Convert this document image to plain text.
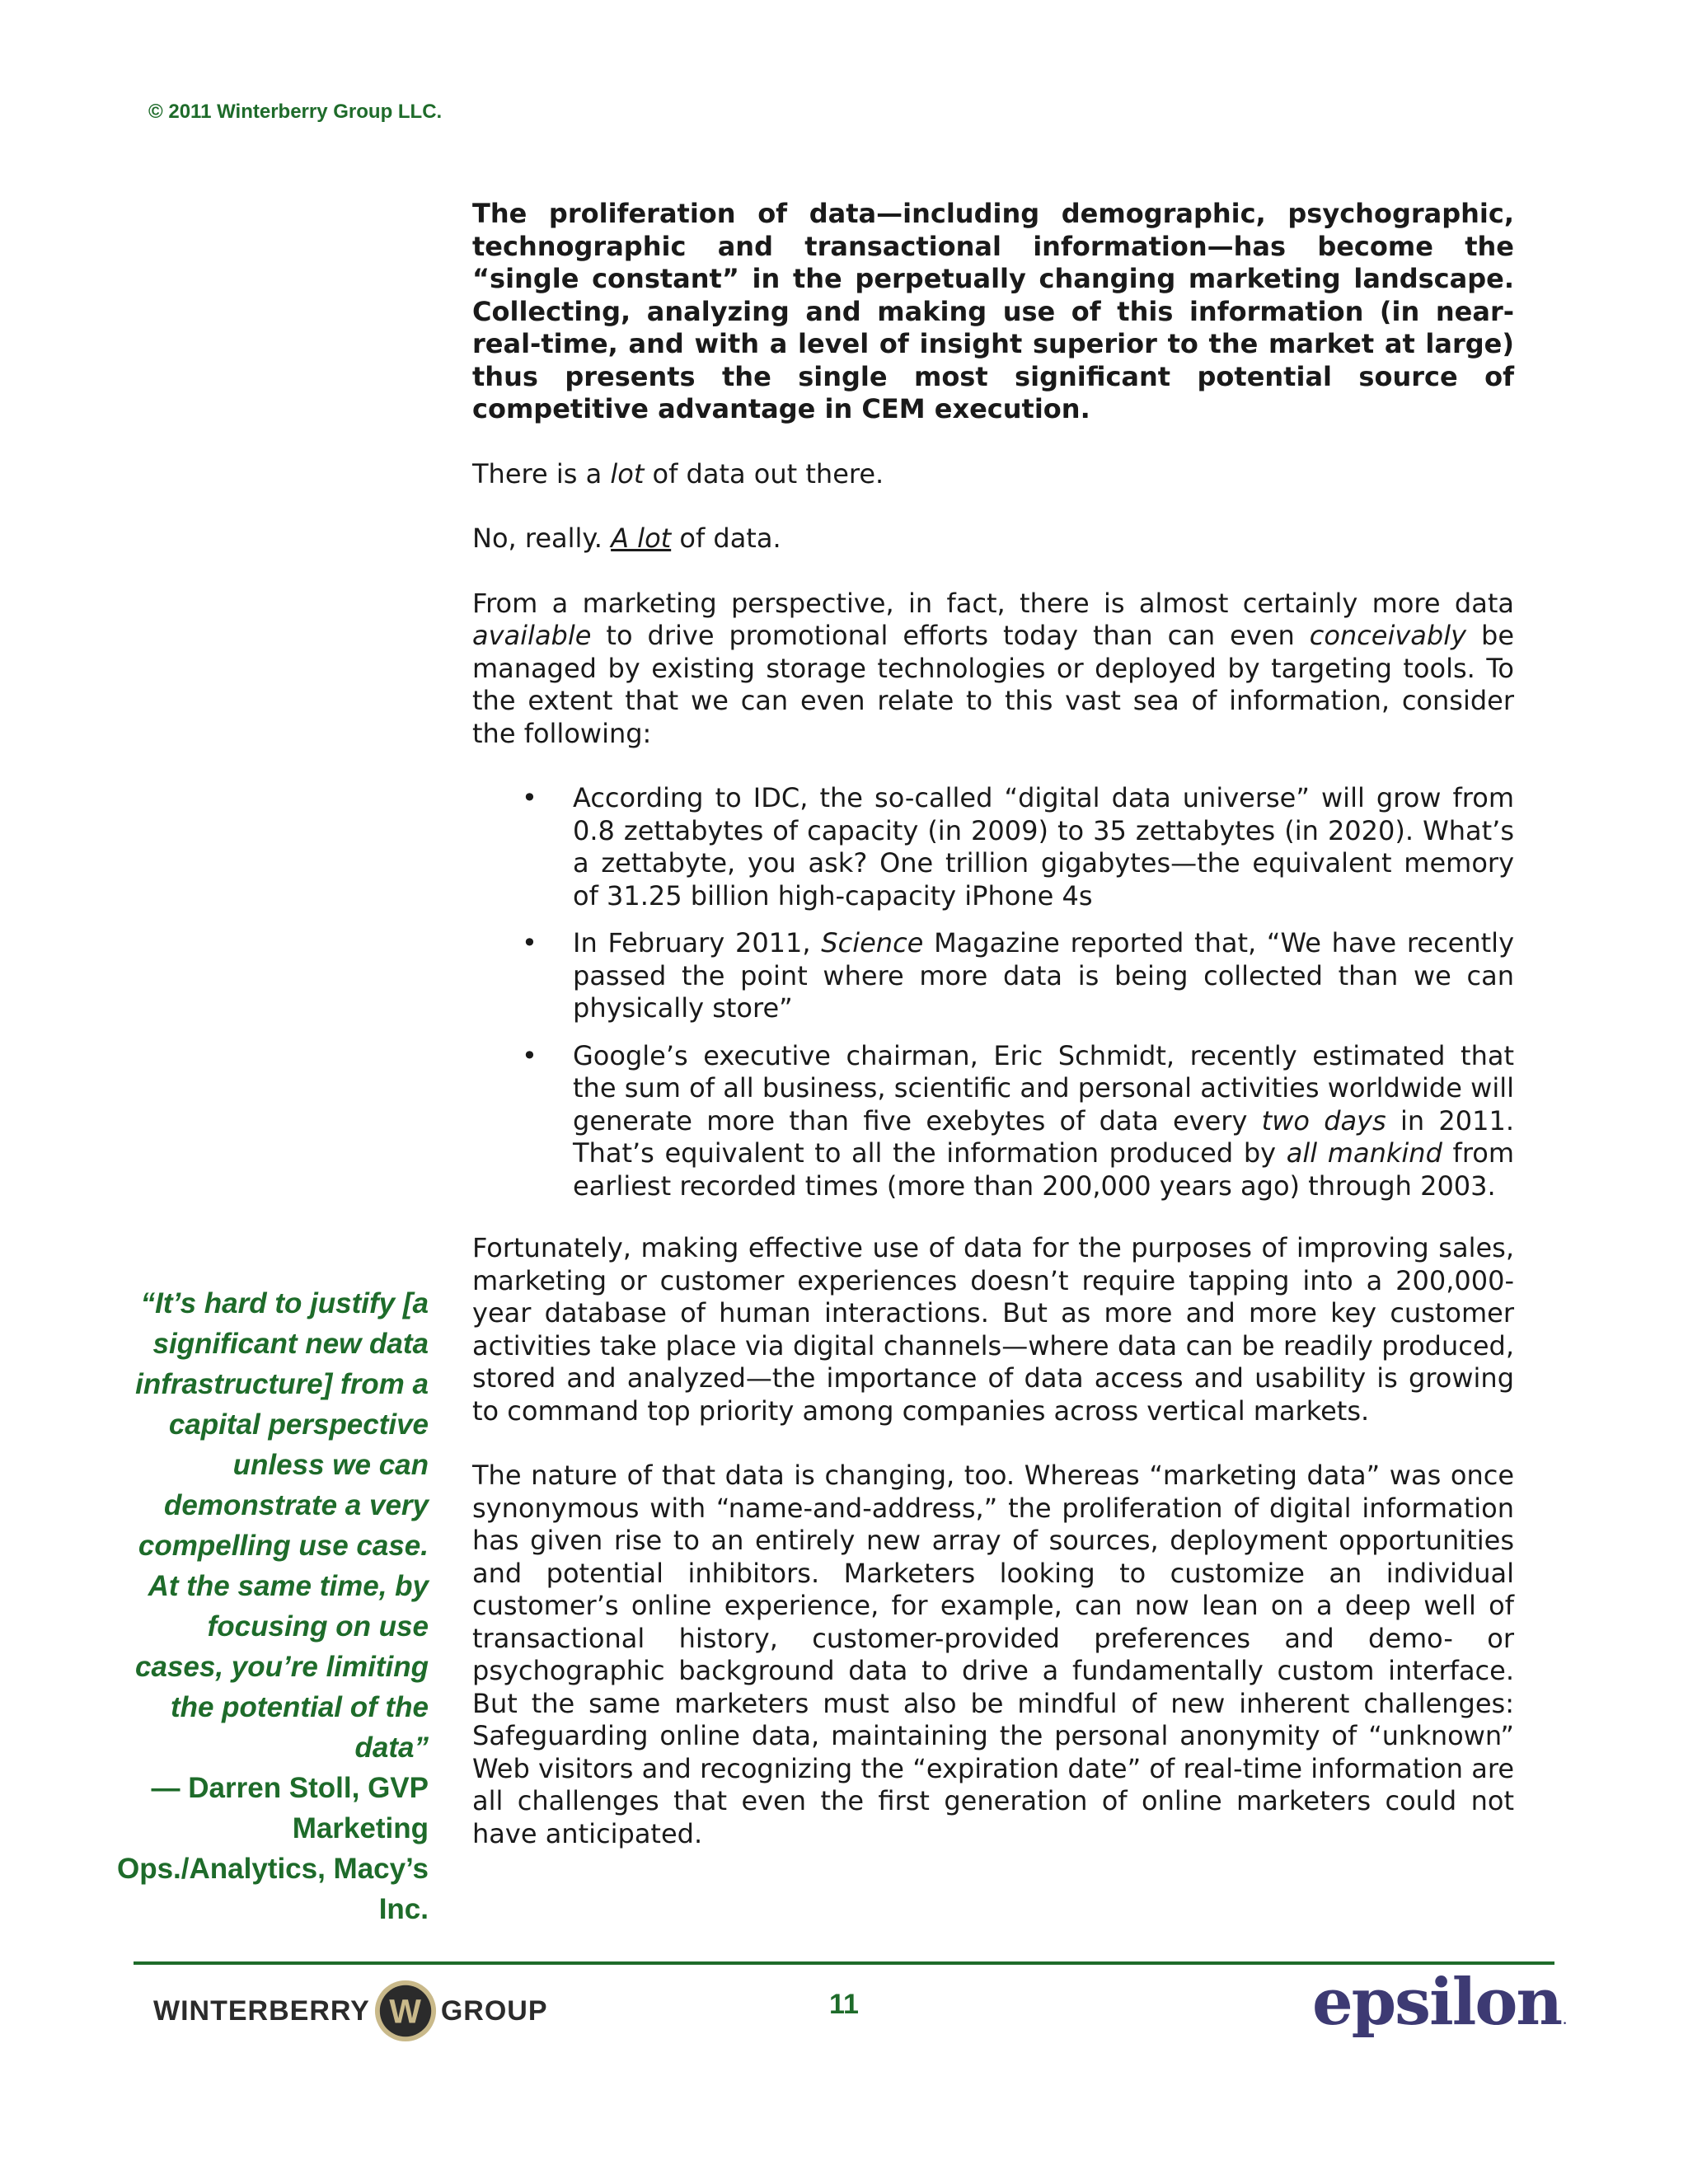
© 2011 Winterberry Group LLC.

The proliferation of data—including demographic, psychographic, technographic and transactional information—has become the “single constant” in the perpetually changing marketing landscape. Collecting, analyzing and making use of this information (in near-real-time, and with a level of insight superior to the market at large) thus presents the single most significant potential source of competitive advantage in CEM execution.

There is a lot of data out there.

No, really. A lot of data.

From a marketing perspective, in fact, there is almost certainly more data available to drive promotional efforts today than can even conceivably be managed by existing storage technologies or deployed by targeting tools. To the extent that we can even relate to this vast sea of information, consider the following:

• According to IDC, the so-called “digital data universe” will grow from 0.8 zettabytes of capacity (in 2009) to 35 zettabytes (in 2020). What’s a zettabyte, you ask? One trillion gigabytes—the equivalent memory of 31.25 billion high-capacity iPhone 4s
• In February 2011, Science Magazine reported that, “We have recently passed the point where more data is being collected than we can physically store”
• Google’s executive chairman, Eric Schmidt, recently estimated that the sum of all business, scientific and personal activities worldwide will generate more than five exebytes of data every two days in 2011. That’s equivalent to all the information produced by all mankind from earliest recorded times (more than 200,000 years ago) through 2003.

Fortunately, making effective use of data for the purposes of improving sales, marketing or customer experiences doesn’t require tapping into a 200,000-year database of human interactions. But as more and more key customer activities take place via digital channels—where data can be readily produced, stored and analyzed—the importance of data access and usability is growing to command top priority among companies across vertical markets.

The nature of that data is changing, too. Whereas “marketing data” was once synonymous with “name-and-address,” the proliferation of digital information has given rise to an entirely new array of sources, deployment opportunities and potential inhibitors. Marketers looking to customize an individual customer’s online experience, for example, can now lean on a deep well of transactional history, customer-provided preferences and demo- or psychographic background data to drive a fundamentally custom interface. But the same marketers must also be mindful of new inherent challenges: Safeguarding online data, maintaining the personal anonymity of “unknown” Web visitors and recognizing the “expiration date” of real-time information are all challenges that even the first generation of online marketers could not have anticipated.

“It’s hard to justify [a significant new data infrastructure] from a capital perspective unless we can demonstrate a very compelling use case. At the same time, by focusing on use cases, you’re limiting the potential of the data”
— Darren Stoll, GVP Marketing Ops./Analytics, Macy’s Inc.
WINTERBERRY W GROUP	11	epsilon .
